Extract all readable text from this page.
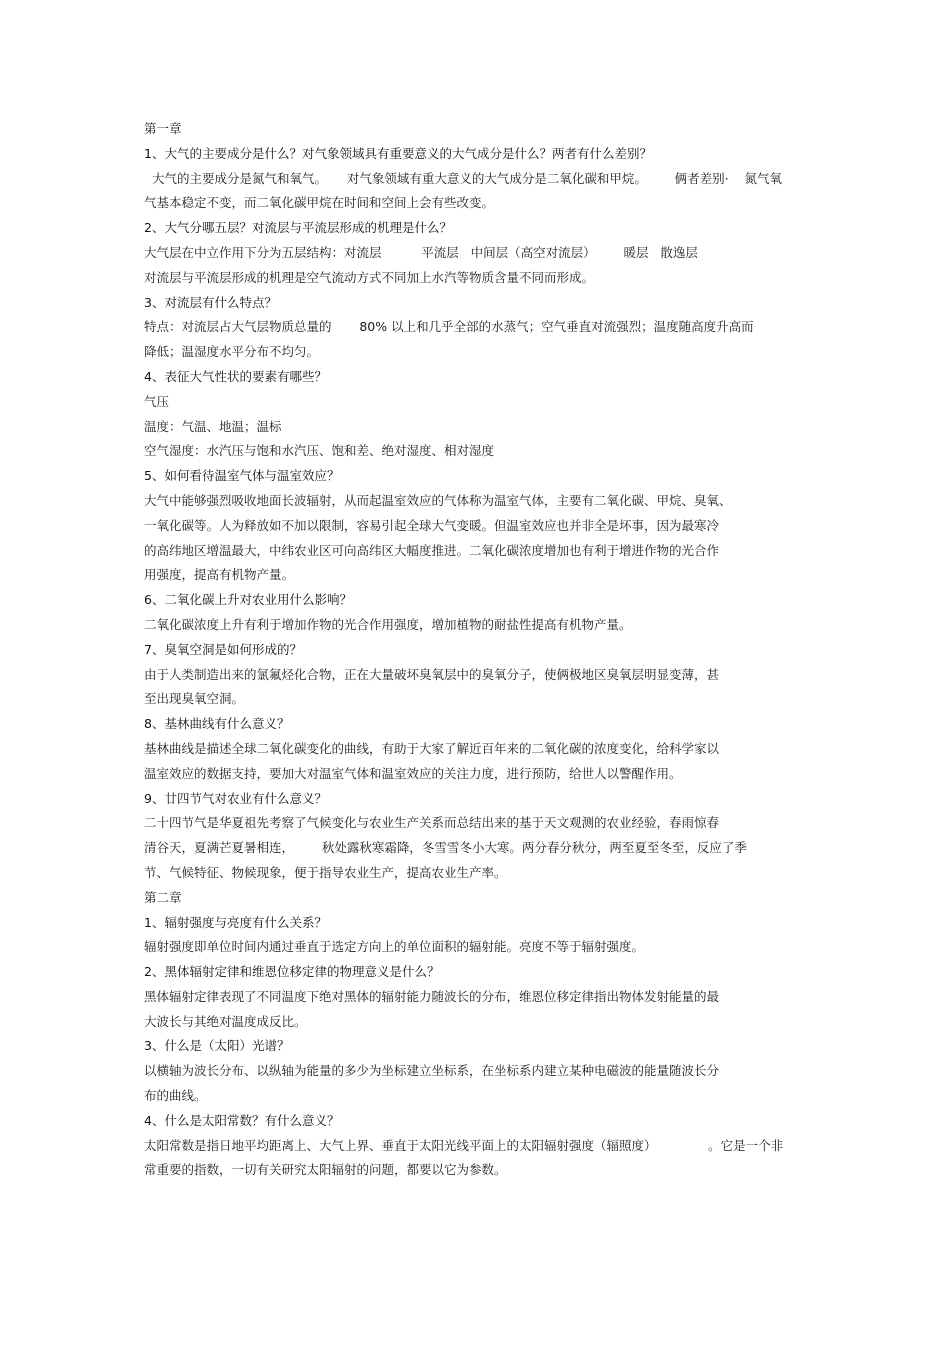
第一章
1、大气的主要成分是什么？对气象领域具有重要意义的大气成分是什么？两者有什么差别？
大气的主要成分是氮气和氧气。     对气象领域有重大意义的大气成分是二氧化碳和甲烷。       俩者差别·    氮气氧
气基本稳定不变，而二氧化碳甲烷在时间和空间上会有些改变。
2、大气分哪五层？对流层与平流层形成的机理是什么？
大气层在中立作用下分为五层结构：对流层          平流层   中间层（高空对流层）       暖层   散逸层
对流层与平流层形成的机理是空气流动方式不同加上水汽等物质含量不同而形成。
3、对流层有什么特点？
特点：对流层占大气层物质总量的       80% 以上和几乎全部的水蒸气；空气垂直对流强烈；温度随高度升高而
降低；温湿度水平分布不均匀。
4、表征大气性状的要素有哪些？
气压
温度：气温、地温；温标
空气湿度：水汽压与饱和水汽压、饱和差、绝对湿度、相对湿度
5、如何看待温室气体与温室效应？
大气中能够强烈吸收地面长波辐射，从而起温室效应的气体称为温室气体，主要有二氧化碳、甲烷、臭氧、
一氧化碳等。人为释放如不加以限制，容易引起全球大气变暖。但温室效应也并非全是坏事，因为最寒冷
的高纬地区增温最大，中纬农业区可向高纬区大幅度推进。二氧化碳浓度增加也有利于增进作物的光合作
用强度，提高有机物产量。
6、二氧化碳上升对农业用什么影响？
二氧化碳浓度上升有利于增加作物的光合作用强度，增加植物的耐盐性提高有机物产量。
7、臭氧空洞是如何形成的？
由于人类制造出来的氯氟烃化合物，正在大量破坏臭氧层中的臭氧分子，使俩极地区臭氧层明显变薄，甚
至出现臭氧空洞。
8、基林曲线有什么意义？
基林曲线是描述全球二氧化碳变化的曲线，有助于大家了解近百年来的二氧化碳的浓度变化，给科学家以
温室效应的数据支持，要加大对温室气体和温室效应的关注力度，进行预防，给世人以警醒作用。
9、廿四节气对农业有什么意义？
二十四节气是华夏祖先考察了气候变化与农业生产关系而总结出来的基于天文观测的农业经验，春雨惊春
清谷天，夏满芒夏暑相连，       秋处露秋寒霜降，冬雪雪冬小大寒。两分春分秋分，两至夏至冬至，反应了季
节、气候特征、物候现象，便于指导农业生产，提高农业生产率。
第二章
1、辐射强度与亮度有什么关系？
辐射强度即单位时间内通过垂直于选定方向上的单位面积的辐射能。亮度不等于辐射强度。
2、黑体辐射定律和维恩位移定律的物理意义是什么？
黑体辐射定律表现了不同温度下绝对黑体的辐射能力随波长的分布，维恩位移定律指出物体发射能量的最
大波长与其绝对温度成反比。
3、什么是（太阳）光谱？
以横轴为波长分布、以纵轴为能量的多少为坐标建立坐标系，在坐标系内建立某种电磁波的能量随波长分
布的曲线。
4、什么是太阳常数？有什么意义？
太阳常数是指日地平均距离上、大气上界、垂直于太阳光线平面上的太阳辐射强度（辐照度）             。它是一个非
常重要的指数，一切有关研究太阳辐射的问题，都要以它为参数。
